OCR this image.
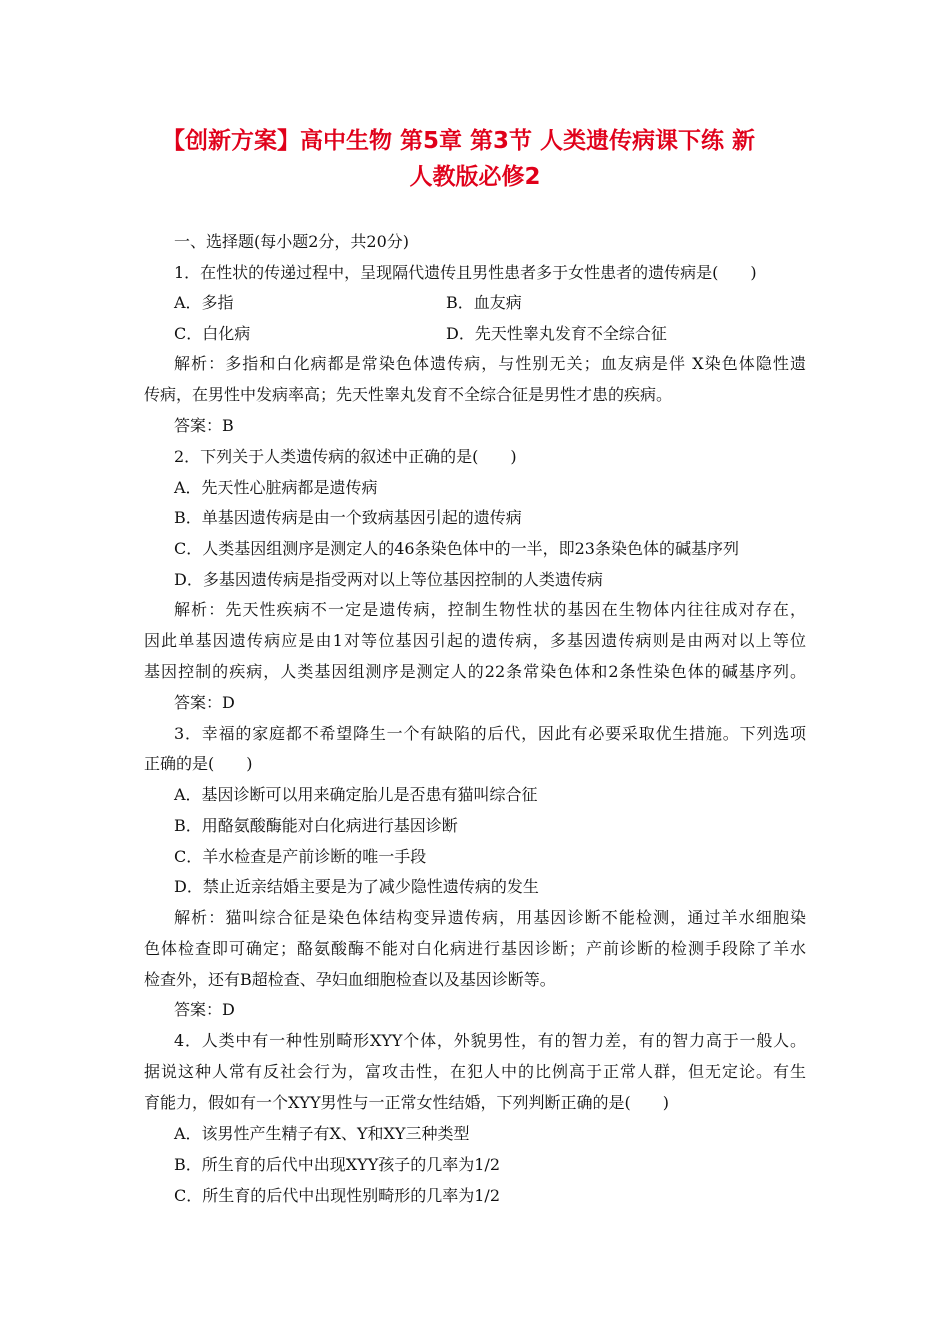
【创新方案】高中生物 第5章 第3节 人类遗传病课下练 新
人教版必修2
一、选择题(每小题2分，共20分)
1．在性状的传递过程中，呈现隔代遗传且男性患者多于女性患者的遗传病是(　　)
A．多指	B．血友病
C．白化病	D．先天性睾丸发育不全综合征
解析：多指和白化病都是常染色体遗传病，与性别无关；血友病是伴 X染色体隐性遗
传病，在男性中发病率高；先天性睾丸发育不全综合征是男性才患的疾病。
答案：B
2．下列关于人类遗传病的叙述中正确的是(　　)
A．先天性心脏病都是遗传病
B．单基因遗传病是由一个致病基因引起的遗传病
C．人类基因组测序是测定人的46条染色体中的一半，即23条染色体的碱基序列
D．多基因遗传病是指受两对以上等位基因控制的人类遗传病
解析：先天性疾病不一定是遗传病，控制生物性状的基因在生物体内往往成对存在，
因此单基因遗传病应是由1对等位基因引起的遗传病，多基因遗传病则是由两对以上等位
基因控制的疾病，人类基因组测序是测定人的22条常染色体和2条性染色体的碱基序列。
答案：D
3．幸福的家庭都不希望降生一个有缺陷的后代，因此有必要采取优生措施。下列选项
正确的是(　　)
A．基因诊断可以用来确定胎儿是否患有猫叫综合征
B．用酪氨酸酶能对白化病进行基因诊断
C．羊水检查是产前诊断的唯一手段
D．禁止近亲结婚主要是为了减少隐性遗传病的发生
解析：猫叫综合征是染色体结构变异遗传病，用基因诊断不能检测，通过羊水细胞染
色体检查即可确定；酪氨酸酶不能对白化病进行基因诊断；产前诊断的检测手段除了羊水
检查外，还有B超检查、孕妇血细胞检查以及基因诊断等。
答案：D
4．人类中有一种性别畸形XYY个体，外貌男性，有的智力差，有的智力高于一般人。
据说这种人常有反社会行为，富攻击性，在犯人中的比例高于正常人群，但无定论。有生
育能力，假如有一个XYY男性与一正常女性结婚，下列判断正确的是(　　)
A．该男性产生精子有X、Y和XY三种类型
B．所生育的后代中出现XYY孩子的几率为1/2
C．所生育的后代中出现性别畸形的几率为1/2
